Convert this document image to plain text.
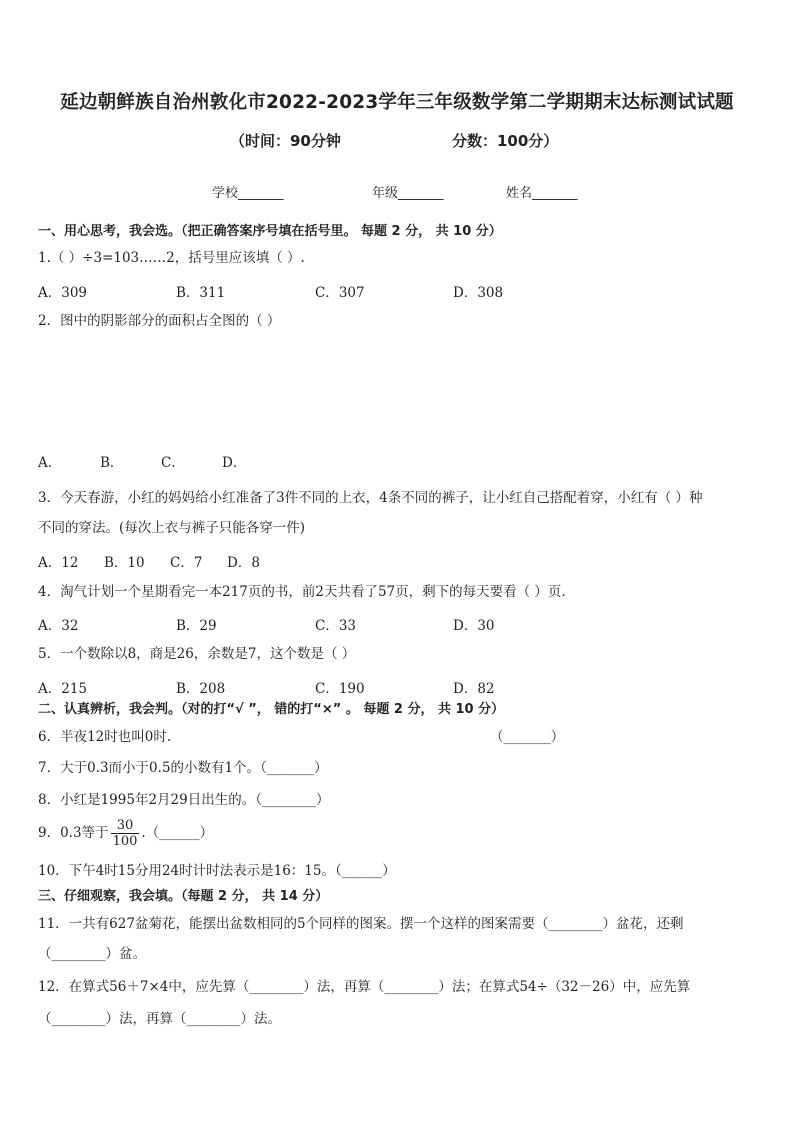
延边朝鲜族自治州敦化市2022-2023学年三年级数学第二学期期末达标测试试题
（时间：90分钟	分数：100分）
学校_______	年级_______	姓名_______
一、用心思考，我会选。（把正确答案序号填在括号里。 每题 2 分， 共 10 分）
1.（ ）÷3=103……2，括号里应该填（ ）.
A．309	B．311	C．307	D．308
2．图中的阴影部分的面积占全图的（ ）
A．	B．	C．	D．
3．今天春游，小红的妈妈给小红准备了3件不同的上衣，4条不同的裤子，让小红自己搭配着穿，小红有（ ）种
不同的穿法。(每次上衣与裤子只能各穿一件)
A．12 B．10 C．7 D．8
4．淘气计划一个星期看完一本217页的书，前2天共看了57页，剩下的每天要看（ ）页.
A．32	B．29	C．33	D．30
5．一个数除以8，商是26，余数是7，这个数是（ ）
A．215	B．208	C．190	D．82
二、认真辨析，我会判。（对的打“√ ”， 错的打“×” 。 每题 2 分， 共 10 分）
6．半夜12时也叫0时.	（_______）
7．大于0.3而小于0.5的小数有1个。（_______）
8．小红是1995年2月29日出生的。（________）
9．0.3等于 $\frac{30}{100}$ .（______）
10．下午4时15分用24时计时法表示是16：15。（______）
三、仔细观察，我会填。（每题 2 分， 共 14 分）
11．一共有627盆菊花，能摆出盆数相同的5个同样的图案。摆一个这样的图案需要（________）盆花，还剩
（________）盆。
12．在算式56＋7×4中，应先算（________）法，再算（________）法；在算式54÷（32－26）中，应先算
（________）法，再算（________）法。
